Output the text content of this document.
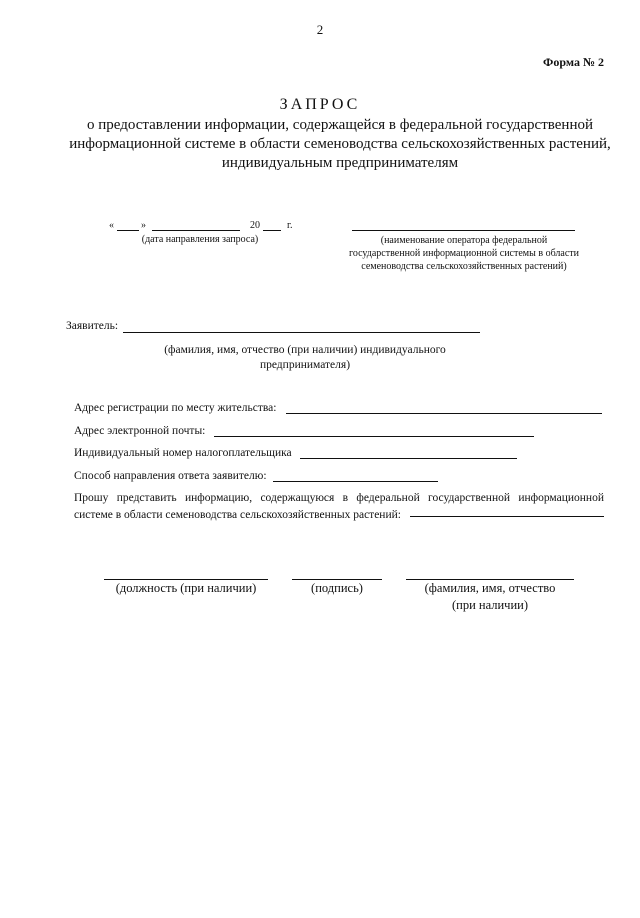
2
Форма № 2
ЗАПРОС
о предоставлении информации, содержащейся в федеральной государственной информационной системе в области семеноводства сельскохозяйственных растений, индивидуальным предпринимателям
«	»	20	г.
(дата направления запроса)	(наименование оператора федеральной государственной информационной системы в области семеноводства сельскохозяйственных растений)
Заявитель:
(фамилия, имя, отчество (при наличии) индивидуального предпринимателя)
Адрес регистрации по месту жительства:
Адрес электронной почты:
Индивидуальный номер налогоплательщика
Способ направления ответа заявителю:
Прошу представить информацию, содержащуюся в федеральной государственной информационной системе в области семеноводства сельскохозяйственных растений:
(должность (при наличии)	(подпись)	(фамилия, имя, отчество
(при наличии)
